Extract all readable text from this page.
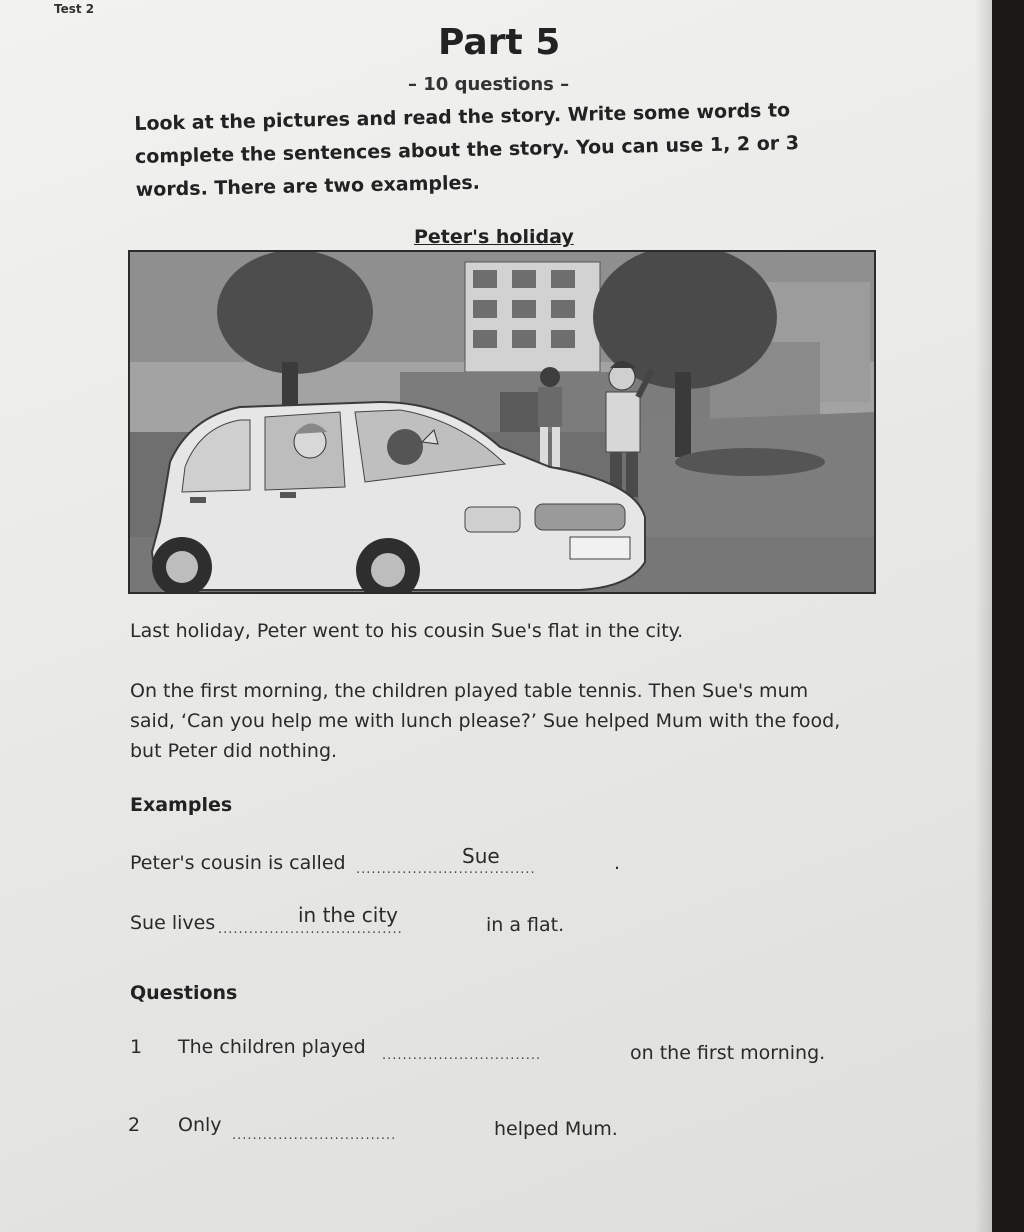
Test 2
Part 5
– 10 questions –
Look at the pictures and read the story. Write some words to complete the sentences about the story. You can use 1, 2 or 3 words. There are two examples.
Peter's holiday
Last holiday, Peter went to his cousin Sue's flat in the city.
On the first morning, the children played table tennis. Then Sue's mum
said, ‘Can you help me with lunch please?’ Sue helped Mum with the food,
but Peter did nothing.
Examples
Peter's cousin is called ...................................
Sue	.
Sue lives ....................................
in the city	in a flat.
Questions
1 The children played ...............................	on the first morning.
2 Only ................................	helped Mum.
